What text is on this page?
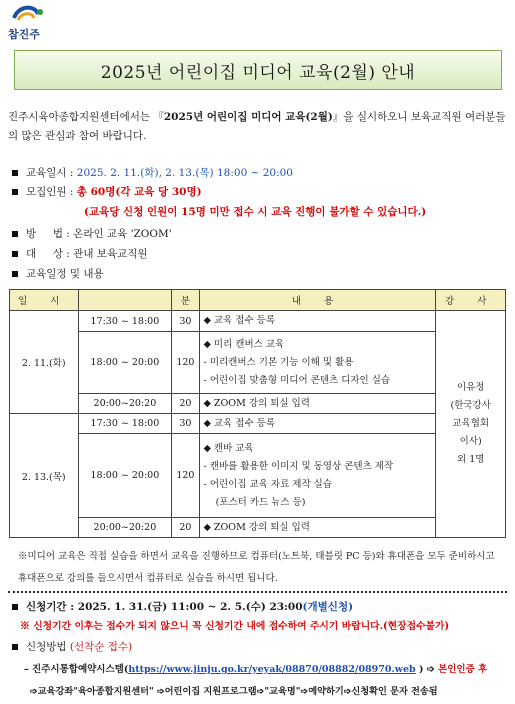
참진주
2025년 어린이집 미디어 교육(2월) 안내
진주시육아종합지원센터에서는 『2025년 어린이집 미디어 교육(2월)』을 실시하오니 보육교직원 여러분들의 많은 관심과 참여 바랍니다.
교육일시 : 2025. 2. 11.(화), 2. 13.(목) 18:00 ~ 20:00
모집인원 : 총 60명(각 교육 당 30명)
(교육당 신청 인원이 15명 미만 접수 시 교육 진행이 불가할 수 있습니다.)
방     법 : 온라인 교육 'ZOOM'
대     상 : 관내 보육교직원
교육일정 및 내용
일 시		분	내 용	강 사
2. 11.(화)	17:30 ~ 18:00	30	◆ 교육 접수 등록	이유정
(한국강사
교육협회
이사)
외 1명

	18:00 ~ 20:00	120	◆ 미리 캔버스 교육
- 미리캔버스 기본 기능 이해 및 활용
- 어린이집 맞춤형 미디어 콘텐츠 디자인 실습	

	20:00~20:20	20	◆ ZOOM 강의 퇴실 입력	

2. 13.(목)	17:30 ~ 18:00	30	◆ 교육 접수 등록	

	18:00 ~ 20:00	120	◆ 캔바 교육
- 캔바를 활용한 이미지 및 동영상 콘텐츠 제작
- 어린이집 교육 자료 제작 실습
(포스터 카드 뉴스 등)	

	20:00~20:20	20	◆ ZOOM 강의 퇴실 입력	
※미디어 교육은 직접 실습을 하면서 교육을 진행하므로 컴퓨터(노트북, 태블릿 PC 등)와 휴대폰을 모두 준비하시고 휴대폰으로 강의를 들으시면서 컴퓨터로 실습을 하시면 됩니다.
신청기간 : 2025. 1. 31.(금) 11:00 ~ 2. 5.(수) 23:00(개별신청)
※ 신청기간 이후는 접수가 되지 않으니 꼭 신청기간 내에 접수하여 주시기 바랍니다.(현장접수불가)
신청방법 (선착순 접수)
– 진주시통합예약시스템(https://www.jinju.go.kr/yeyak/08870/08882/08970.web ) ➩ 본인인증 후
➩교육강좌"육아종합지원센터" ➩어린이집 지원프로그램➩"교육명"➩예약하기➩신청확인 문자 전송됨
